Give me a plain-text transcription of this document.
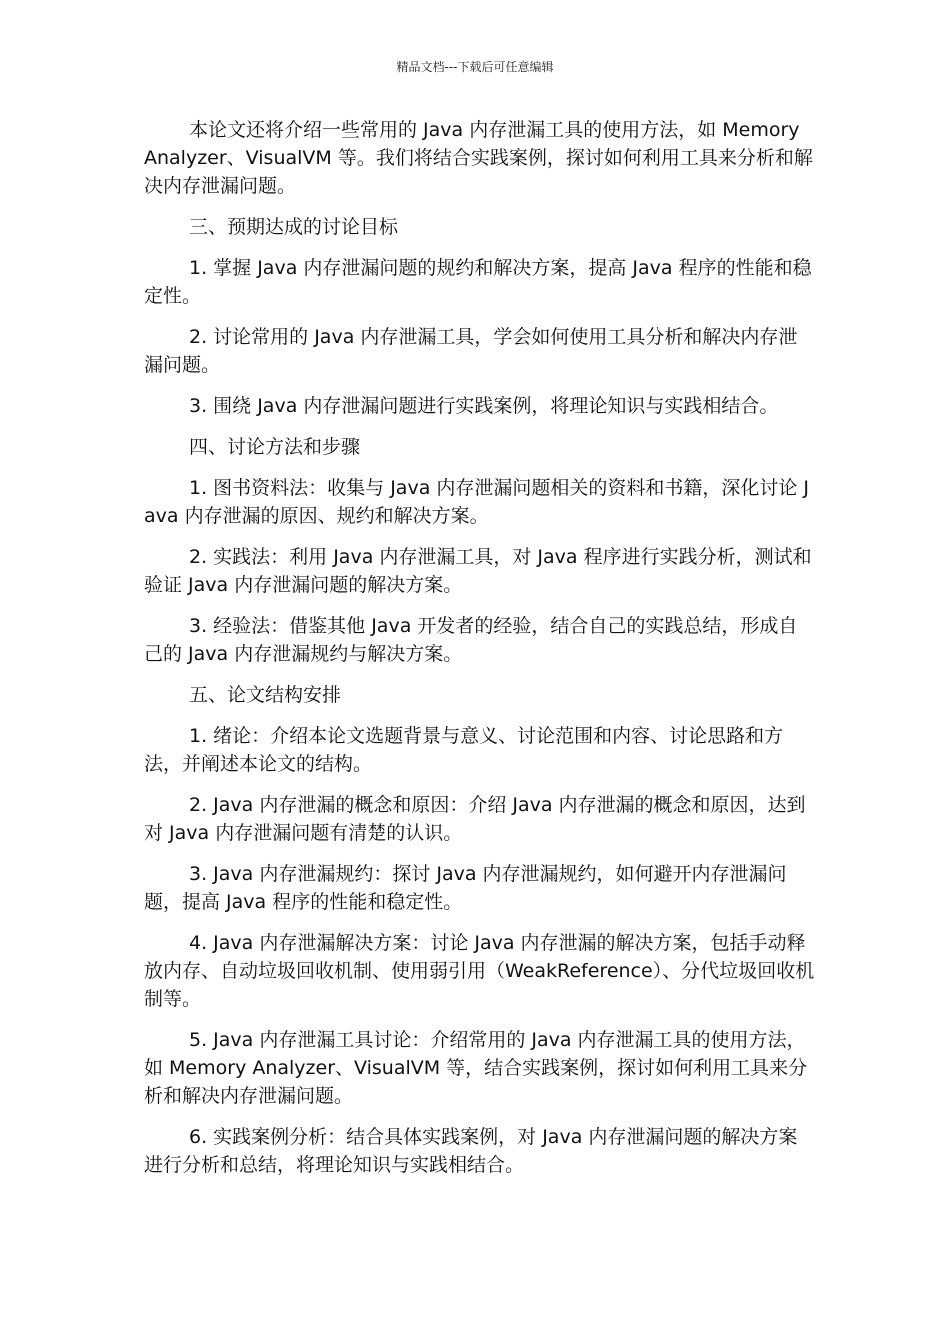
精品文档---下载后可任意编辑

本论文还将介绍一些常用的 Java 内存泄漏工具的使用方法，如 Memory Analyzer、VisualVM 等。我们将结合实践案例，探讨如何利用工具来分析和解决内存泄漏问题。

三、预期达成的讨论目标

1. 掌握 Java 内存泄漏问题的规约和解决方案，提高 Java 程序的性能和稳定性。

2. 讨论常用的 Java 内存泄漏工具，学会如何使用工具分析和解决内存泄漏问题。

3. 围绕 Java 内存泄漏问题进行实践案例，将理论知识与实践相结合。

四、讨论方法和步骤

1. 图书资料法：收集与 Java 内存泄漏问题相关的资料和书籍，深化讨论 Java 内存泄漏的原因、规约和解决方案。

2. 实践法：利用 Java 内存泄漏工具，对 Java 程序进行实践分析，测试和验证 Java 内存泄漏问题的解决方案。

3. 经验法：借鉴其他 Java 开发者的经验，结合自己的实践总结，形成自己的 Java 内存泄漏规约与解决方案。

五、论文结构安排

1. 绪论：介绍本论文选题背景与意义、讨论范围和内容、讨论思路和方法，并阐述本论文的结构。

2. Java 内存泄漏的概念和原因：介绍 Java 内存泄漏的概念和原因，达到对 Java 内存泄漏问题有清楚的认识。

3. Java 内存泄漏规约：探讨 Java 内存泄漏规约，如何避开内存泄漏问题，提高 Java 程序的性能和稳定性。

4. Java 内存泄漏解决方案：讨论 Java 内存泄漏的解决方案，包括手动释放内存、自动垃圾回收机制、使用弱引用（WeakReference）、分代垃圾回收机制等。

5. Java 内存泄漏工具讨论：介绍常用的 Java 内存泄漏工具的使用方法，如 Memory Analyzer、VisualVM 等，结合实践案例，探讨如何利用工具来分析和解决内存泄漏问题。

6. 实践案例分析：结合具体实践案例，对 Java 内存泄漏问题的解决方案进行分析和总结，将理论知识与实践相结合。
